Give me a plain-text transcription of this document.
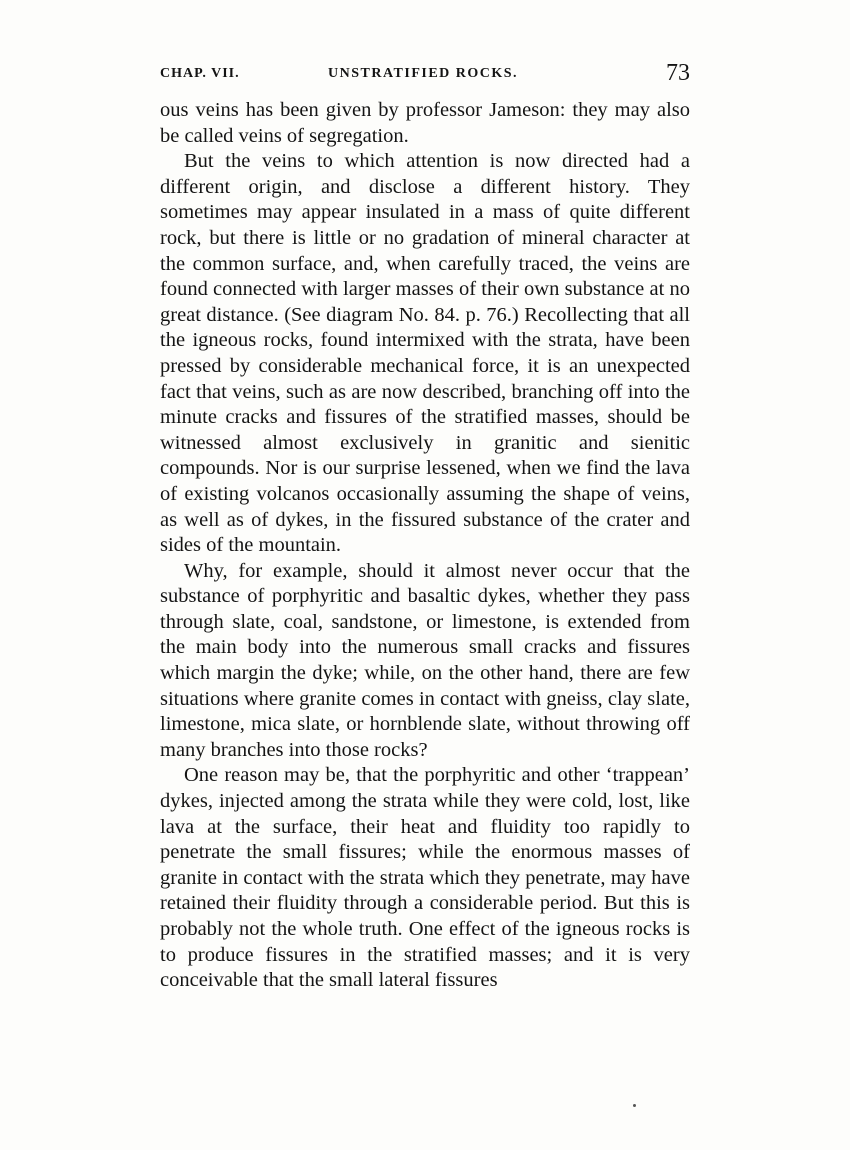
CHAP. VII.	UNSTRATIFIED ROCKS.	73

ous veins has been given by professor Jameson: they may also be called veins of segregation.

But the veins to which attention is now directed had a different origin, and disclose a different history. They sometimes may appear insulated in a mass of quite different rock, but there is little or no gradation of mineral character at the common surface, and, when carefully traced, the veins are found connected with larger masses of their own substance at no great distance. (See diagram No. 84. p. 76.) Recollecting that all the igneous rocks, found intermixed with the strata, have been pressed by considerable mechanical force, it is an unexpected fact that veins, such as are now described, branching off into the minute cracks and fissures of the stratified masses, should be witnessed almost exclusively in granitic and sienitic compounds. Nor is our surprise lessened, when we find the lava of existing volcanos occasionally assuming the shape of veins, as well as of dykes, in the fissured substance of the crater and sides of the mountain.

Why, for example, should it almost never occur that the substance of porphyritic and basaltic dykes, whether they pass through slate, coal, sandstone, or limestone, is extended from the main body into the numerous small cracks and fissures which margin the dyke; while, on the other hand, there are few situations where granite comes in contact with gneiss, clay slate, limestone, mica slate, or hornblende slate, without throwing off many branches into those rocks?

One reason may be, that the porphyritic and other ‘trappean’ dykes, injected among the strata while they were cold, lost, like lava at the surface, their heat and fluidity too rapidly to penetrate the small fissures; while the enormous masses of granite in contact with the strata which they penetrate, may have retained their fluidity through a considerable period. But this is probably not the whole truth. One effect of the igneous rocks is to produce fissures in the stratified masses; and it is very conceivable that the small lateral fissures
